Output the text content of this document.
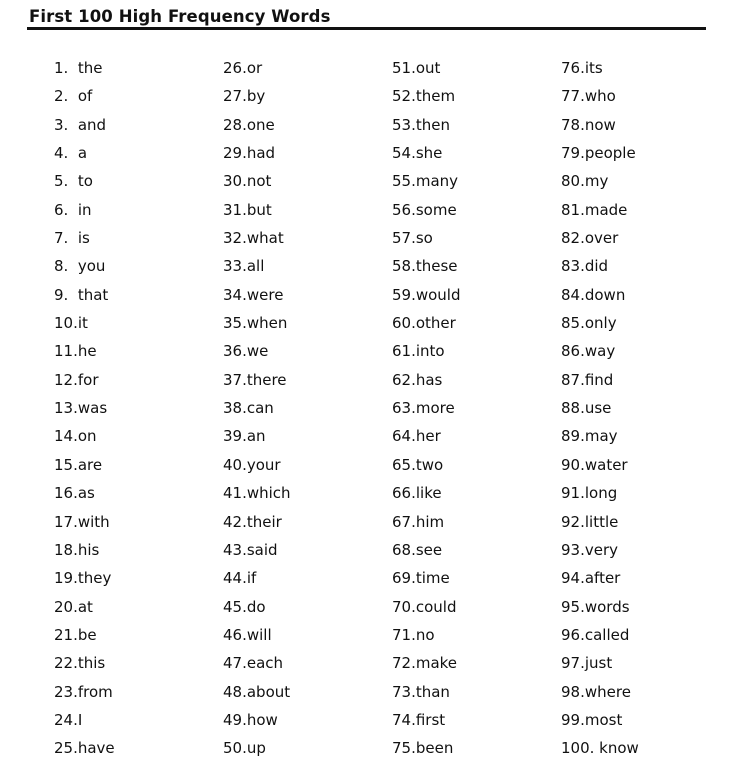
First 100 High Frequency Words
1.  the
2.  of
3.  and
4.  a
5.  to
6.  in
7.  is
8.  you
9.  that
10.it
11.he
12.for
13.was
14.on
15.are
16.as
17.with
18.his
19.they
20.at
21.be
22.this
23.from
24.I
25.have
26.or
27.by
28.one
29.had
30.not
31.but
32.what
33.all
34.were
35.when
36.we
37.there
38.can
39.an
40.your
41.which
42.their
43.said
44.if
45.do
46.will
47.each
48.about
49.how
50.up
51.out
52.them
53.then
54.she
55.many
56.some
57.so
58.these
59.would
60.other
61.into
62.has
63.more
64.her
65.two
66.like
67.him
68.see
69.time
70.could
71.no
72.make
73.than
74.first
75.been
76.its
77.who
78.now
79.people
80.my
81.made
82.over
83.did
84.down
85.only
86.way
87.find
88.use
89.may
90.water
91.long
92.little
93.very
94.after
95.words
96.called
97.just
98.where
99.most
100. know
